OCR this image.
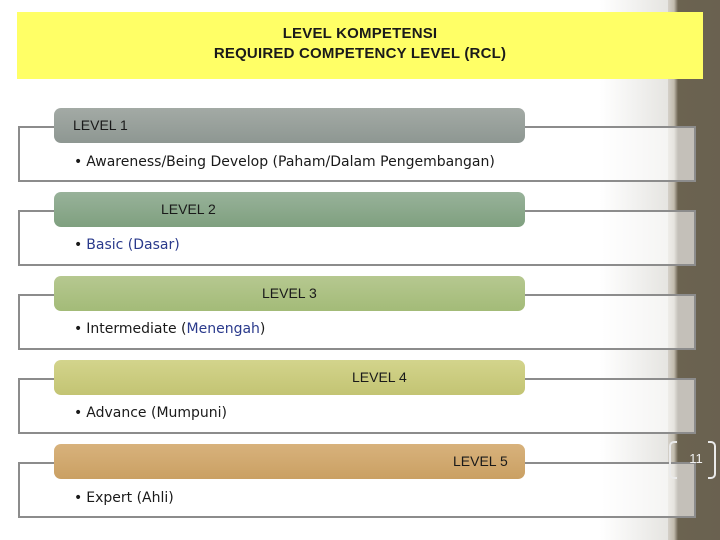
LEVEL KOMPETENSI
REQUIRED COMPETENCY LEVEL (RCL)
LEVEL 1
• Awareness/Being Develop (Paham/Dalam Pengembangan)
LEVEL 2
• Basic (Dasar)
LEVEL 3
• Intermediate (Menengah)
LEVEL 4
• Advance (Mumpuni)
LEVEL 5
• Expert (Ahli)
11
